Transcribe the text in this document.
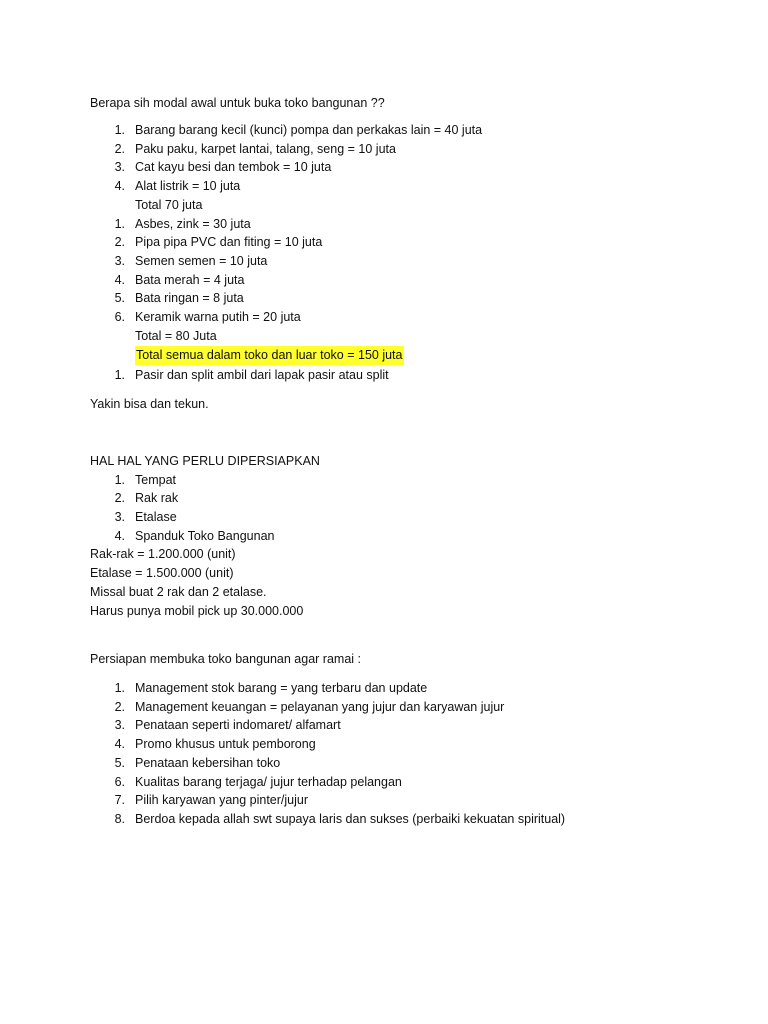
Berapa sih modal awal untuk buka toko bangunan ??
1. Barang barang kecil (kunci) pompa dan perkakas lain = 40 juta
2. Paku paku, karpet lantai, talang, seng = 10 juta
3. Cat kayu besi dan tembok = 10 juta
4. Alat listrik = 10 juta
Total 70 juta
1. Asbes, zink = 30 juta
2. Pipa pipa PVC dan fiting = 10 juta
3. Semen semen = 10 juta
4. Bata merah = 4 juta
5. Bata ringan = 8 juta
6. Keramik warna putih = 20 juta
Total = 80 Juta
Total semua dalam toko dan luar toko = 150 juta
1. Pasir dan split ambil dari lapak pasir atau split
Yakin bisa dan tekun.
HAL HAL YANG PERLU DIPERSIAPKAN
1. Tempat
2. Rak rak
3. Etalase
4. Spanduk Toko Bangunan
Rak-rak = 1.200.000 (unit)
Etalase = 1.500.000 (unit)
Missal buat 2 rak dan 2 etalase.
Harus punya mobil pick up 30.000.000
Persiapan membuka toko bangunan agar ramai :
1. Management stok barang = yang terbaru dan update
2. Management keuangan = pelayanan yang jujur dan karyawan jujur
3. Penataan seperti indomaret/ alfamart
4. Promo khusus untuk pemborong
5. Penataan kebersihan toko
6. Kualitas barang terjaga/ jujur terhadap pelangan
7. Pilih karyawan yang pinter/jujur
8. Berdoa kepada allah swt supaya laris dan sukses (perbaiki kekuatan spiritual)
